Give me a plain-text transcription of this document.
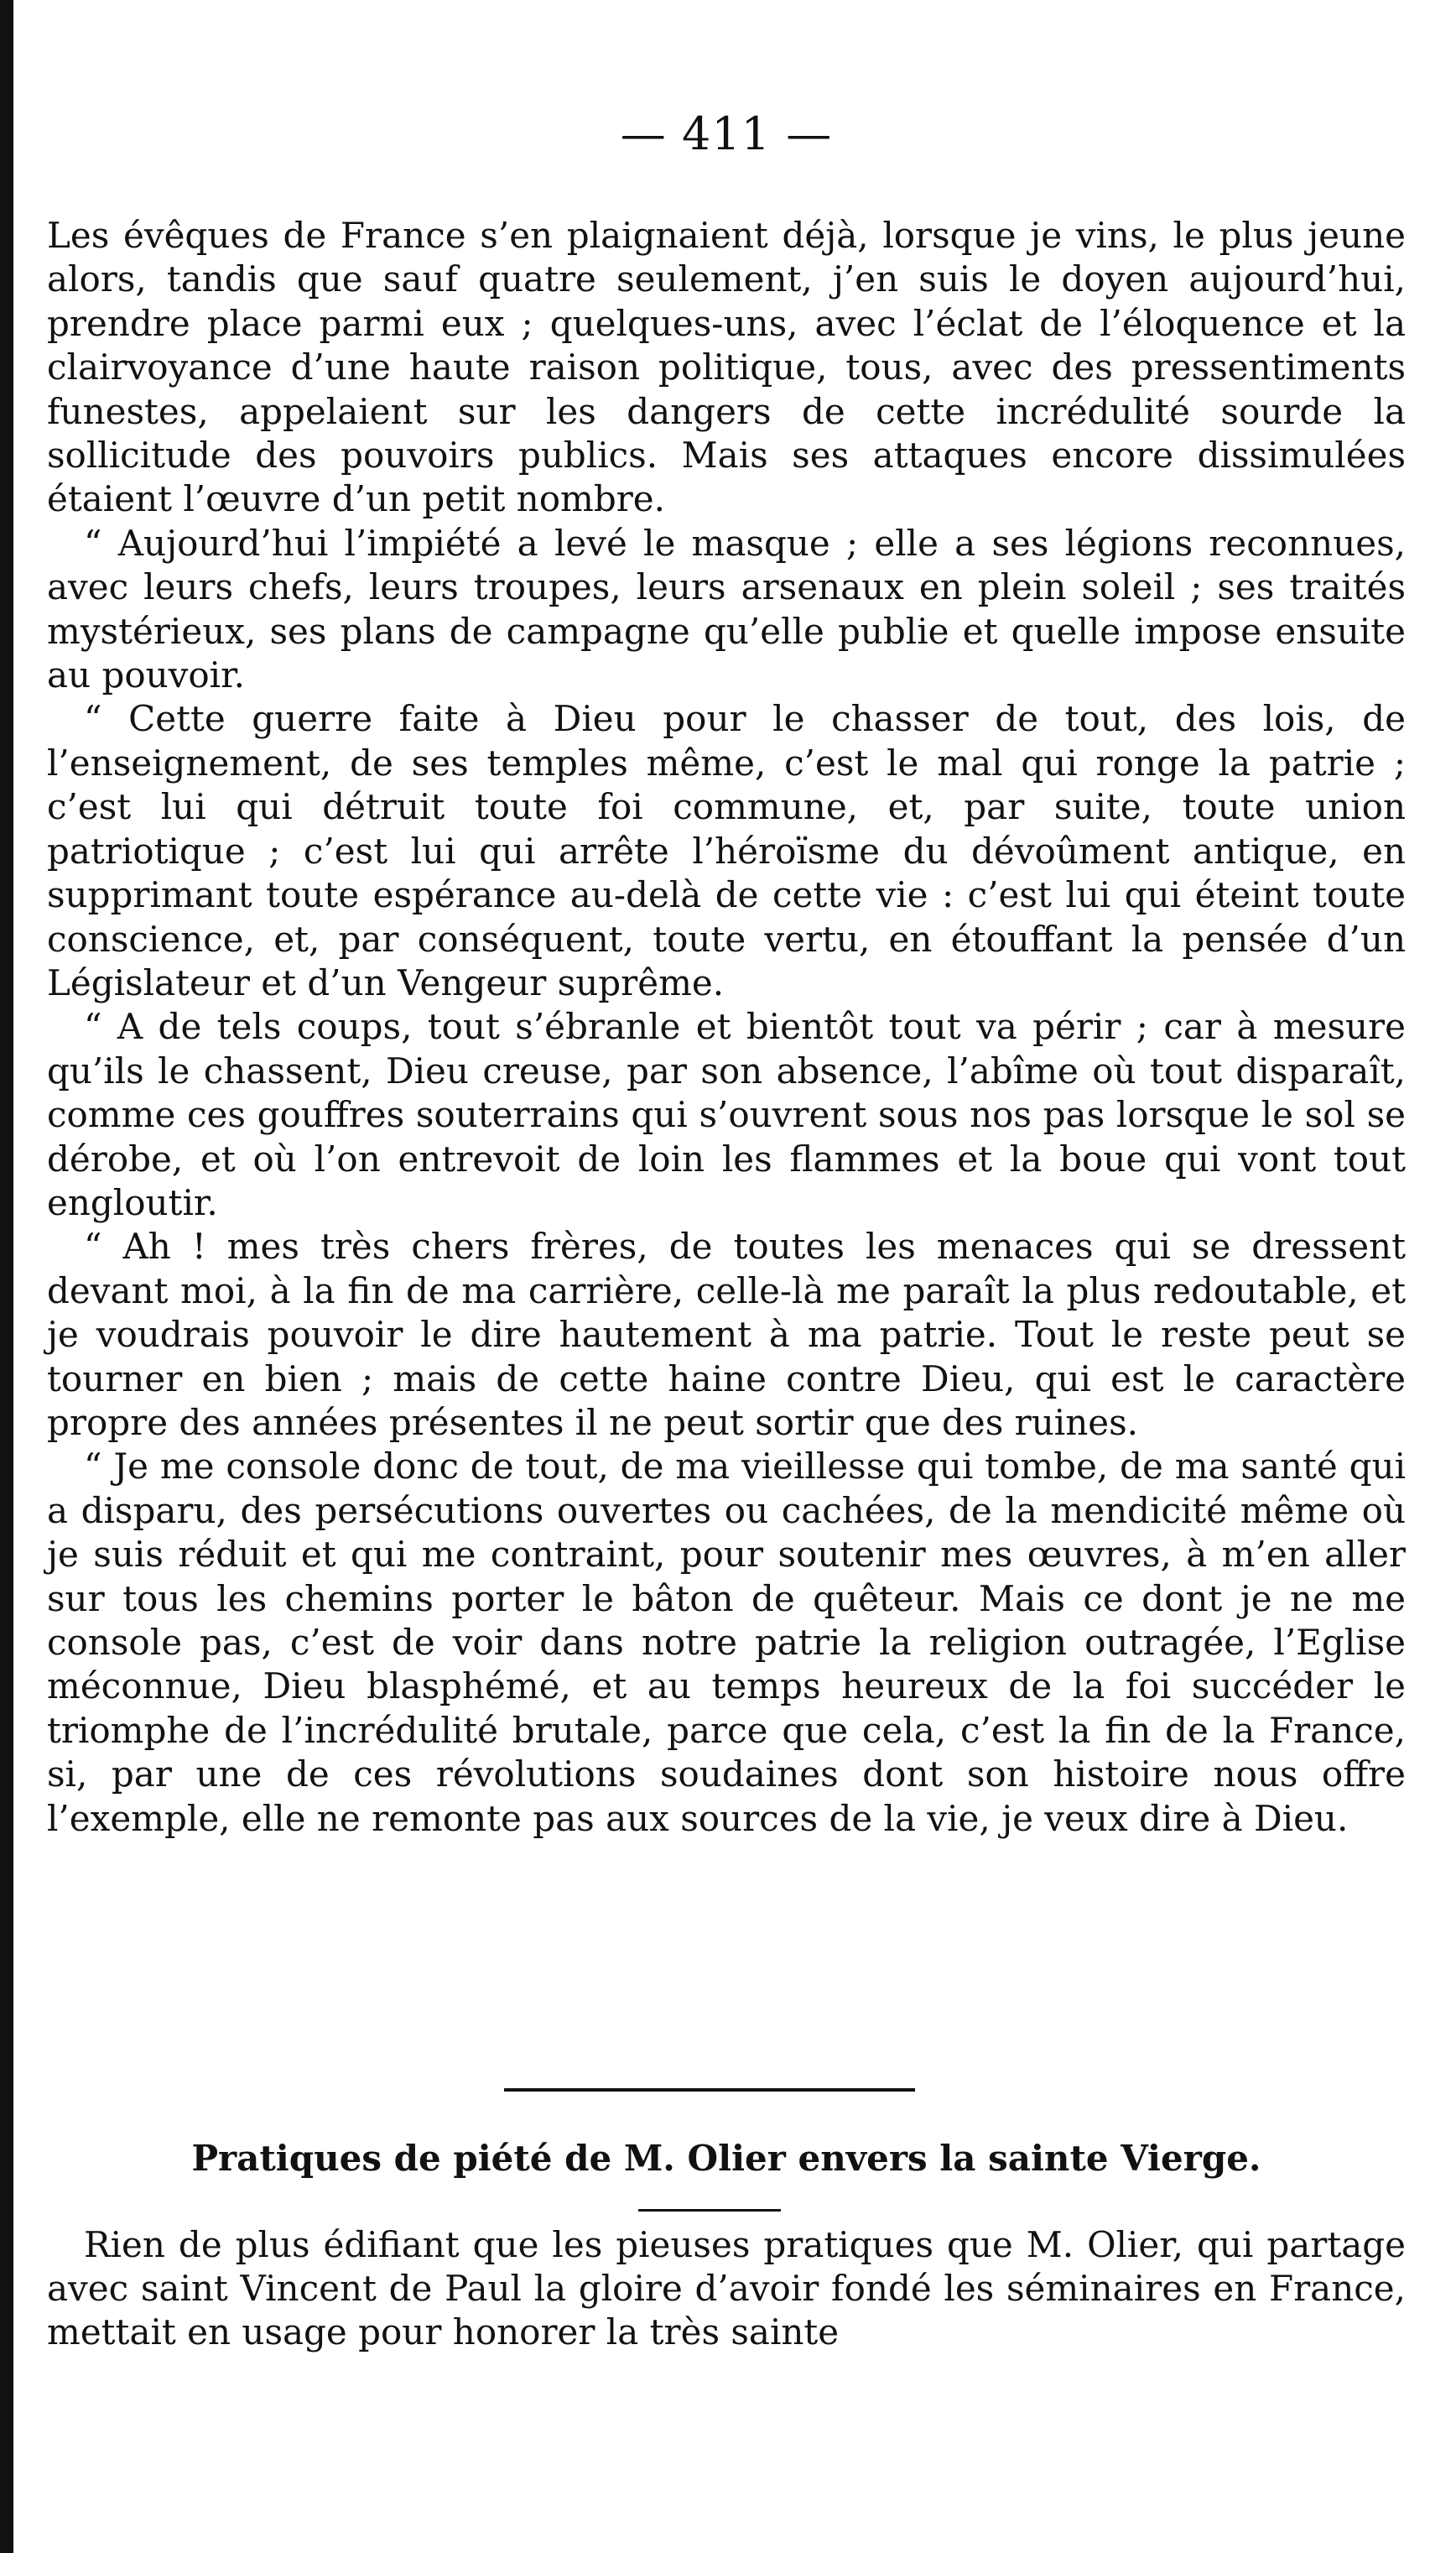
— 411 —

Les évêques de France s’en plaignaient déjà, lorsque je vins, le plus jeune alors, tandis que sauf quatre seulement, j’en suis le doyen aujourd’hui, prendre place parmi eux ; quelques-uns, avec l’éclat de l’éloquence et la clairvoyance d’une haute raison politique, tous, avec des pressentiments funestes, appelaient sur les dangers de cette incrédulité sourde la sollicitude des pouvoirs publics. Mais ses attaques encore dissimulées étaient l’œuvre d’un petit nombre.

“ Aujourd’hui l’impiété a levé le masque ; elle a ses légions reconnues, avec leurs chefs, leurs troupes, leurs arsenaux en plein soleil ; ses traités mystérieux, ses plans de campagne qu’elle publie et quelle impose ensuite au pouvoir.

“ Cette guerre faite à Dieu pour le chasser de tout, des lois, de l’enseignement, de ses temples même, c’est le mal qui ronge la patrie ; c’est lui qui détruit toute foi commune, et, par suite, toute union patriotique ; c’est lui qui arrête l’héroïsme du dévoûment antique, en supprimant toute espérance au-delà de cette vie : c’est lui qui éteint toute conscience, et, par conséquent, toute vertu, en étouffant la pensée d’un Législateur et d’un Vengeur suprême.

“ A de tels coups, tout s’ébranle et bientôt tout va périr ; car à mesure qu’ils le chassent, Dieu creuse, par son absence, l’abîme où tout disparaît, comme ces gouffres souterrains qui s’ouvrent sous nos pas lorsque le sol se dérobe, et où l’on entrevoit de loin les flammes et la boue qui vont tout engloutir.

“ Ah ! mes très chers frères, de toutes les menaces qui se dressent devant moi, à la fin de ma carrière, celle-là me paraît la plus redoutable, et je voudrais pouvoir le dire hautement à ma patrie. Tout le reste peut se tourner en bien ; mais de cette haine contre Dieu, qui est le caractère propre des années présentes il ne peut sortir que des ruines.

“ Je me console donc de tout, de ma vieillesse qui tombe, de ma santé qui a disparu, des persécutions ouvertes ou cachées, de la mendicité même où je suis réduit et qui me contraint, pour soutenir mes œuvres, à m’en aller sur tous les chemins porter le bâton de quêteur. Mais ce dont je ne me console pas, c’est de voir dans notre patrie la religion outragée, l’Eglise méconnue, Dieu blasphémé, et au temps heureux de la foi succéder le triomphe de l’incrédulité brutale, parce que cela, c’est la fin de la France, si, par une de ces révolutions soudaines dont son histoire nous offre l’exemple, elle ne remonte pas aux sources de la vie, je veux dire à Dieu.

Pratiques de piété de M. Olier envers la sainte Vierge.

Rien de plus édifiant que les pieuses pratiques que M. Olier, qui partage avec saint Vincent de Paul la gloire d’avoir fondé les séminaires en France, mettait en usage pour honorer la très sainte
